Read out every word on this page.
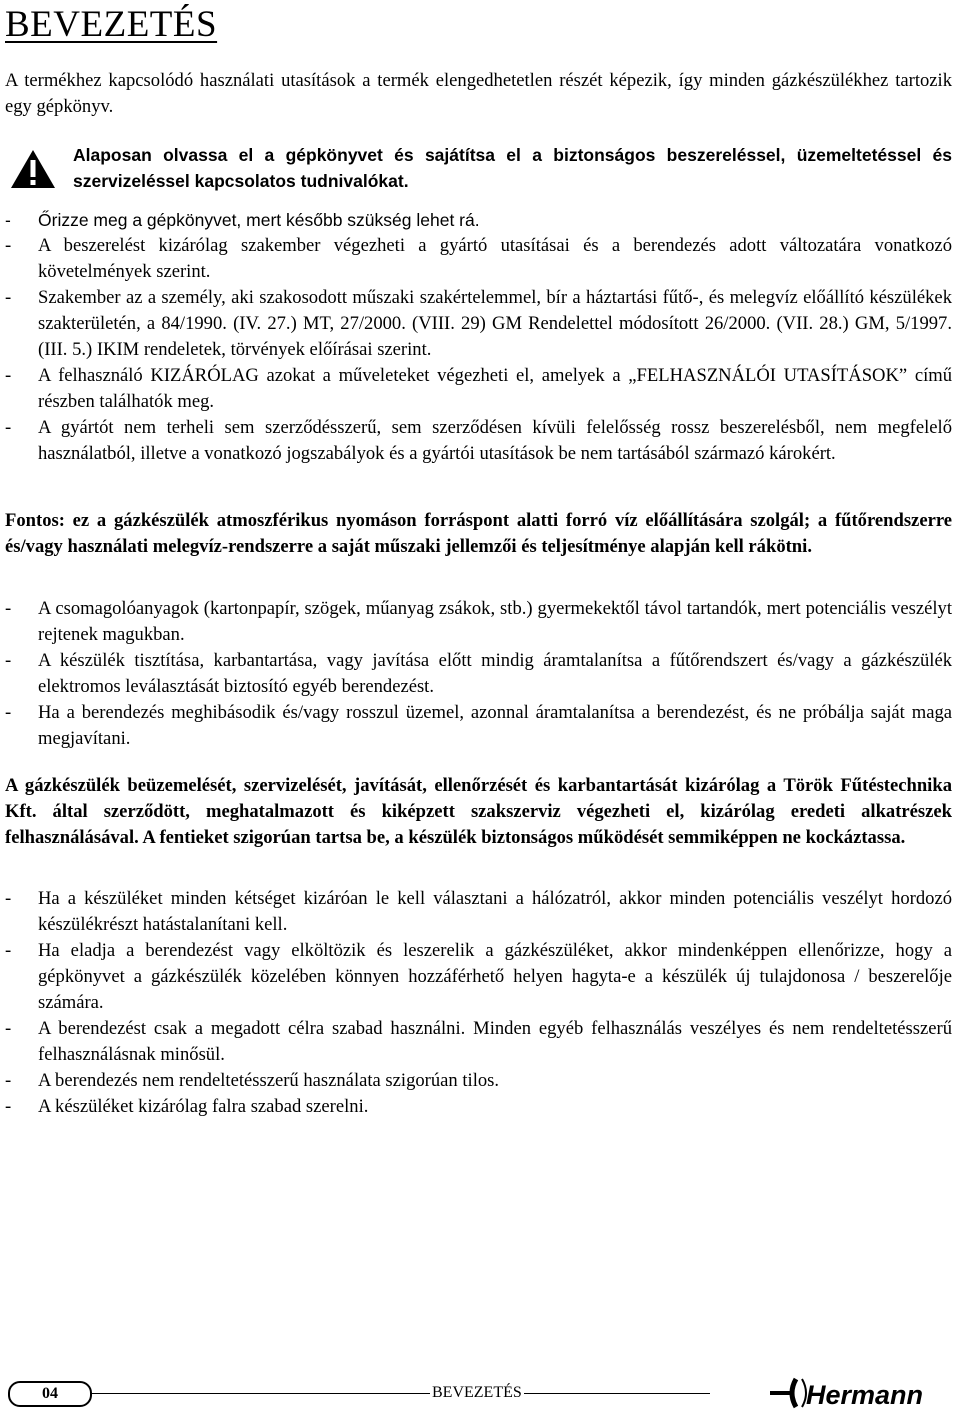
BEVEZETÉS
A termékhez kapcsolódó használati utasítások a termék elengedhetetlen részét képezik, így minden gázkészülékhez tartozik egy gépkönyv.
Alaposan olvassa el a gépkönyvet és sajátítsa el a biztonságos beszereléssel, üzemeltetéssel és szervizeléssel kapcsolatos tudnivalókat.
- Őrizze meg a gépkönyvet, mert később szükség lehet rá.
- A beszerelést kizárólag szakember végezheti a gyártó utasításai és a berendezés adott változatára vonatkozó követelmények szerint.
- Szakember az a személy, aki szakosodott műszaki szakértelemmel, bír a háztartási fűtő-, és melegvíz előállító készülékek szakterületén, a 84/1990. (IV. 27.) MT, 27/2000. (VIII. 29) GM Rendelettel módosított 26/2000. (VII. 28.) GM, 5/1997. (III. 5.) IKIM rendeletek, törvények előírásai szerint.
- A felhasználó KIZÁRÓLAG azokat a műveleteket végezheti el, amelyek a „FELHASZNÁLÓI UTASÍTÁSOK” című részben találhatók meg.
- A gyártót nem terheli sem szerződésszerű, sem szerződésen kívüli felelősség rossz beszerelésből, nem megfelelő használatból, illetve a vonatkozó jogszabályok és a gyártói utasítások be nem tartásából származó károkért.
Fontos: ez a gázkészülék atmoszférikus nyomáson forráspont alatti forró víz előállítására szolgál; a fűtőrendszerre és/vagy használati melegvíz-rendszerre a saját műszaki jellemzői és teljesítménye alapján kell rákötni.
- A csomagolóanyagok (kartonpapír, szögek, műanyag zsákok, stb.) gyermekektől távol tartandók, mert potenciális veszélyt rejtenek magukban.
- A készülék tisztítása, karbantartása, vagy javítása előtt mindig áramtalanítsa a fűtőrendszert és/vagy a gázkészülék elektromos leválasztását biztosító egyéb berendezést.
- Ha a berendezés meghibásodik és/vagy rosszul üzemel, azonnal áramtalanítsa a berendezést, és ne próbálja saját maga megjavítani.
A gázkészülék beüzemelését, szervizelését, javítását, ellenőrzését és karbantartását kizárólag a Török Fűtéstechnika Kft. által szerződött, meghatalmazott és kiképzett szakszerviz végezheti el, kizárólag eredeti alkatrészek felhasználásával. A fentieket szigorúan tartsa be, a készülék biztonságos működését semmiképpen ne kockáztassa.
- Ha a készüléket minden kétséget kizáróan le kell választani a hálózatról, akkor minden potenciális veszélyt hordozó készülékrészt hatástalanítani kell.
- Ha eladja a berendezést vagy elköltözik és leszerelik a gázkészüléket, akkor mindenképpen ellenőrizze, hogy a gépkönyvet a gázkészülék közelében könnyen hozzáférhető helyen hagyta-e a készülék új tulajdonosa / beszerelője számára.
- A berendezést csak a megadott célra szabad használni. Minden egyéb felhasználás veszélyes és nem rendeltetésszerű felhasználásnak minősül.
- A berendezés nem rendeltetésszerű használata szigorúan tilos.
- A készüléket kizárólag falra szabad szerelni.
04	BEVEZETÉS	Hermann
